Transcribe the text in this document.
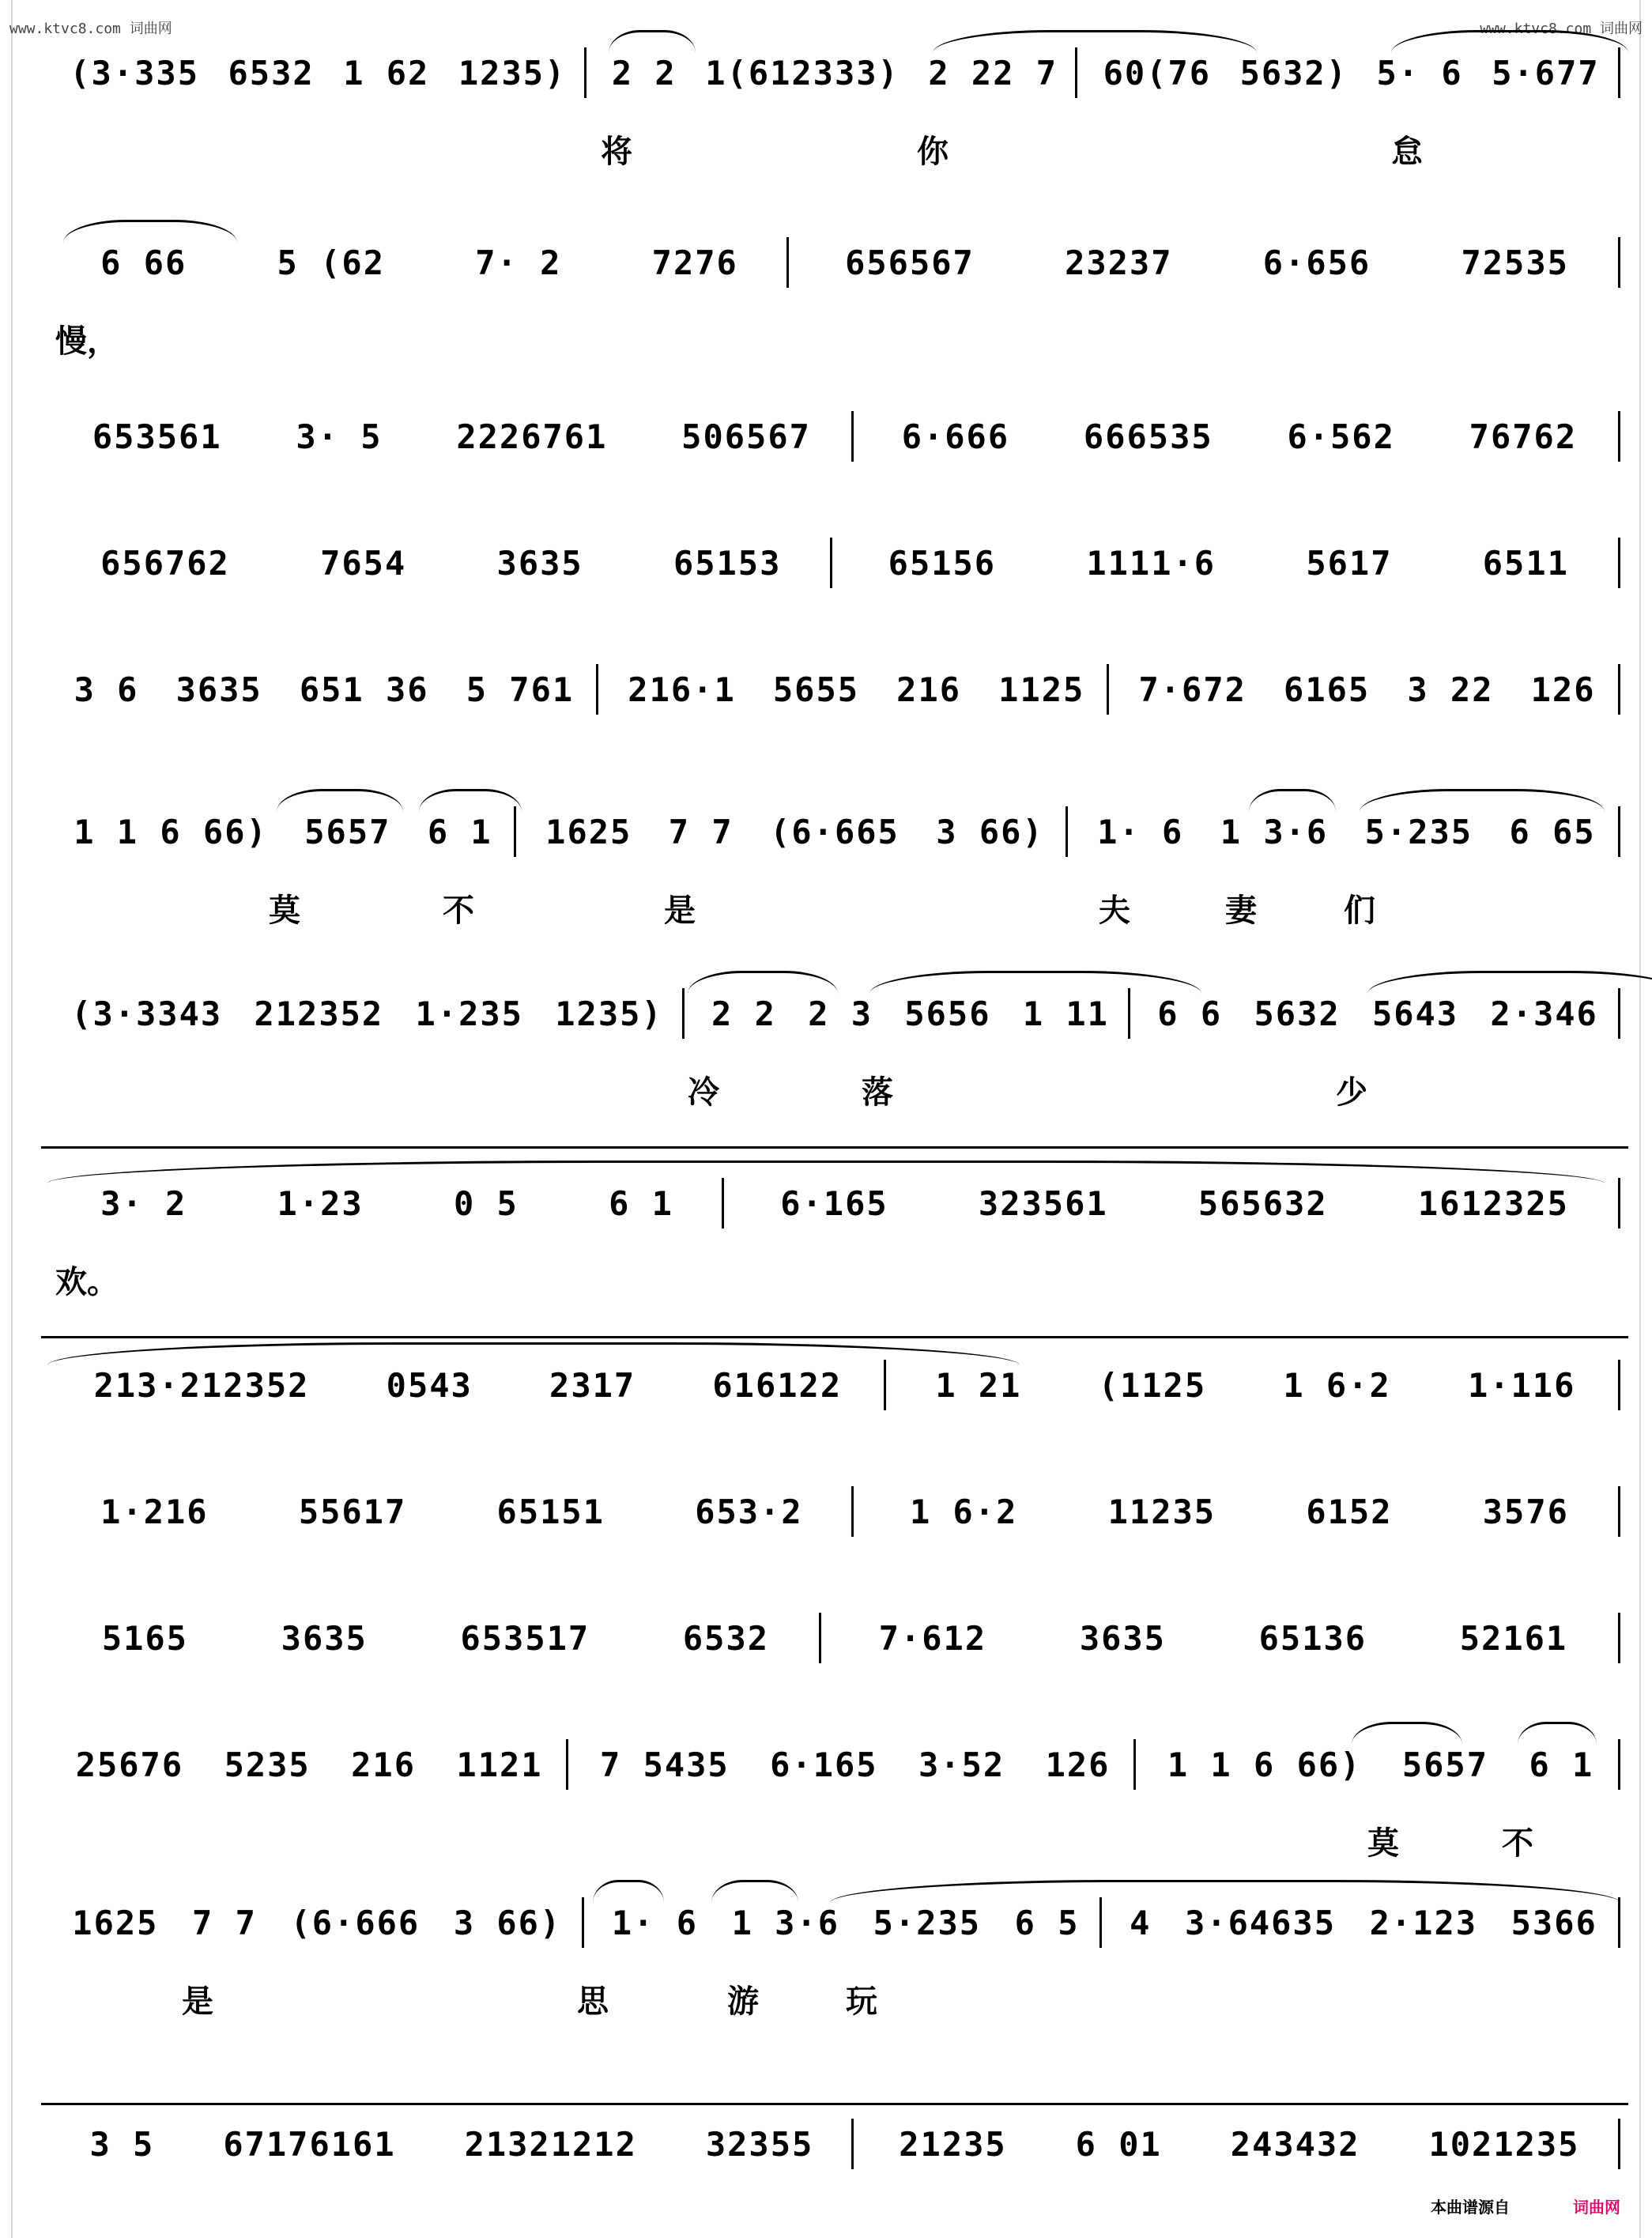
www.ktvc8.com 词曲网	www.ktvc8.com 词曲网
(3·335 6532 1 62 1235)	2 2 1(612333) 2 22 7	60(76 5632) 5· 6 5·677
将	你	怠
6 66	5 (62	7· 2	7276	656567	23237	6·656	72535
慢，
653561	3· 5	2226761	506567	6·666	666535	6·562	76762
656762	7654	3635	65153	65156	1111·6	5617	6511
3 6	3635	651 36	5 761	216·1	5655	216	1125	7·672	6165	3 22	126
1 1 6 66)	5657	6 1	1625	7 7	(6·665	3 66)	1· 6	1 3·6	5·235	6 65
莫	不	是	夫	妻	们
(3·3343 212352 1·235 1235)	2 2 2 3 5656 1 11	6 6 5632 5643 2·346
冷	落	少
3· 2	1·23	0 5	6 1	6·165	323561	565632	1612325
欢。
213·212352	0543	2317	616122	1 21	(1125	1 6·2	1·116
1·216	55617	65151	653·2	1 6·2	11235	6152	3576
5165	3635	653517	6532	7·612	3635	65136	52161
25676	5235	216	1121	7 5435	6·165	3·52	126	1 1 6 66)	5657	6 1
莫	不
1625	7 7	(6·666	3 66)	1· 6	1 3·6	5·235	6 5	4	3·64635	2·123	5366
是	思	游	玩
3 5	67176161	21321212	32355	21235	6 01	243432	1021235
本曲谱源自	词曲网
